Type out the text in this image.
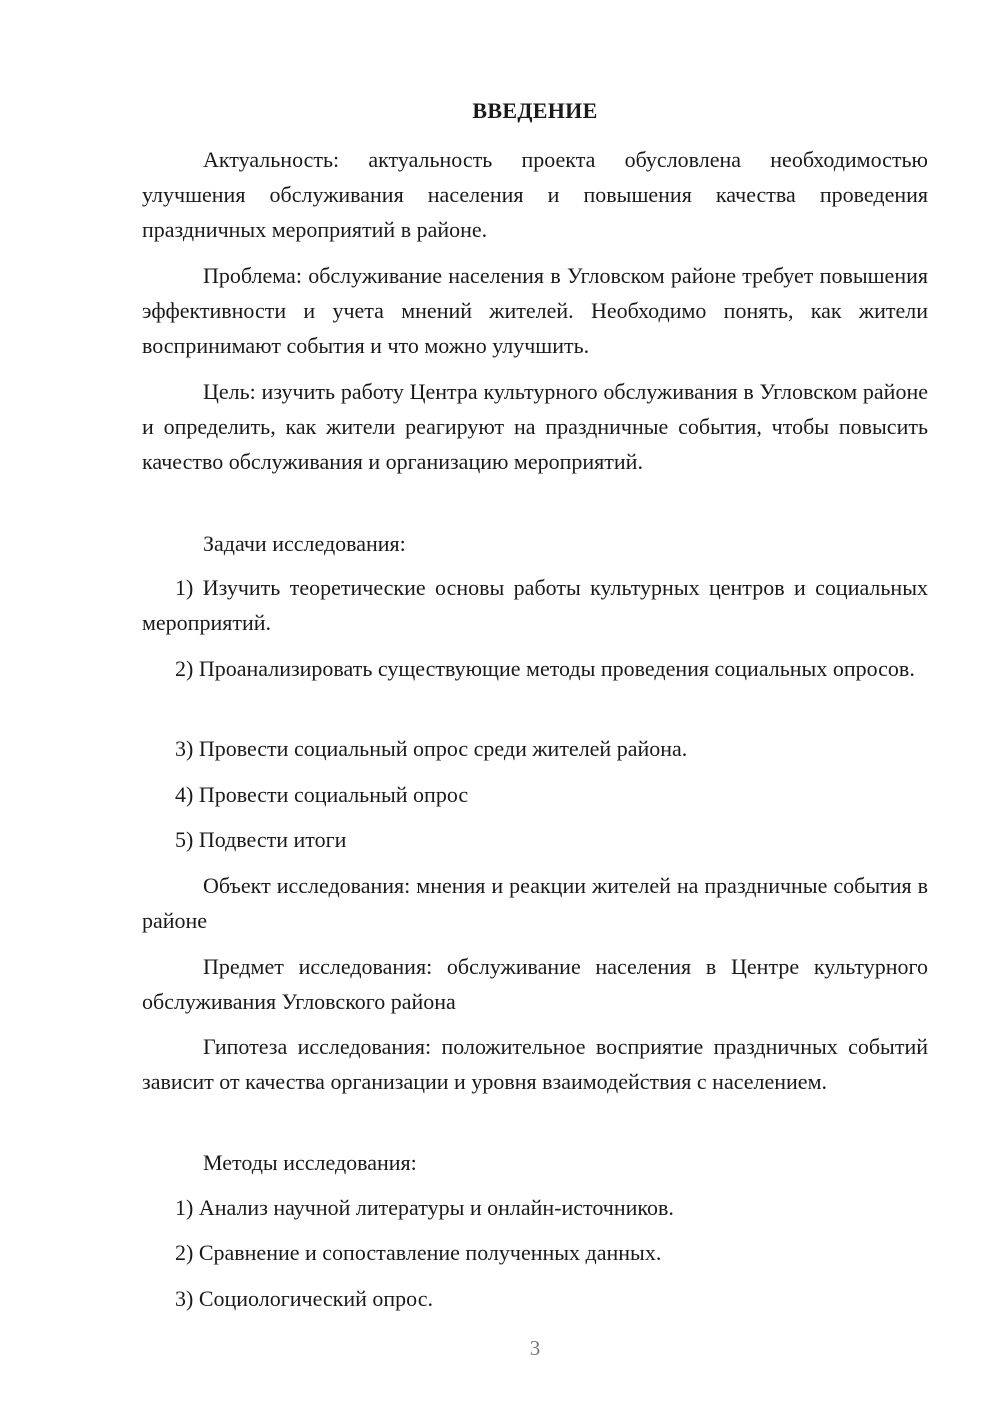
ВВЕДЕНИЕ

Актуальность: актуальность проекта обусловлена необходимостью улучшения обслуживания населения и повышения качества проведения праздничных мероприятий в районе.

Проблема: обслуживание населения в Угловском районе требует повышения эффективности и учета мнений жителей. Необходимо понять, как жители воспринимают события и что можно улучшить.

Цель: изучить работу Центра культурного обслуживания в Угловском районе и определить, как жители реагируют на праздничные события, чтобы повысить качество обслуживания и организацию мероприятий.

Задачи исследования:

1) Изучить теоретические основы работы культурных центров и социальных мероприятий.

2) Проанализировать существующие методы проведения социальных опросов.

3) Провести социальный опрос среди жителей района.

4) Провести социальный опрос

5) Подвести итоги

Объект исследования: мнения и реакции жителей на праздничные события в районе

Предмет исследования: обслуживание населения в Центре культурного обслуживания Угловского района

Гипотеза исследования: положительное восприятие праздничных событий зависит от качества организации и уровня взаимодействия с населением.

Методы исследования:

1) Анализ научной литературы и онлайн-источников.

2) Сравнение и сопоставление полученных данных.

3) Социологический опрос.

3
